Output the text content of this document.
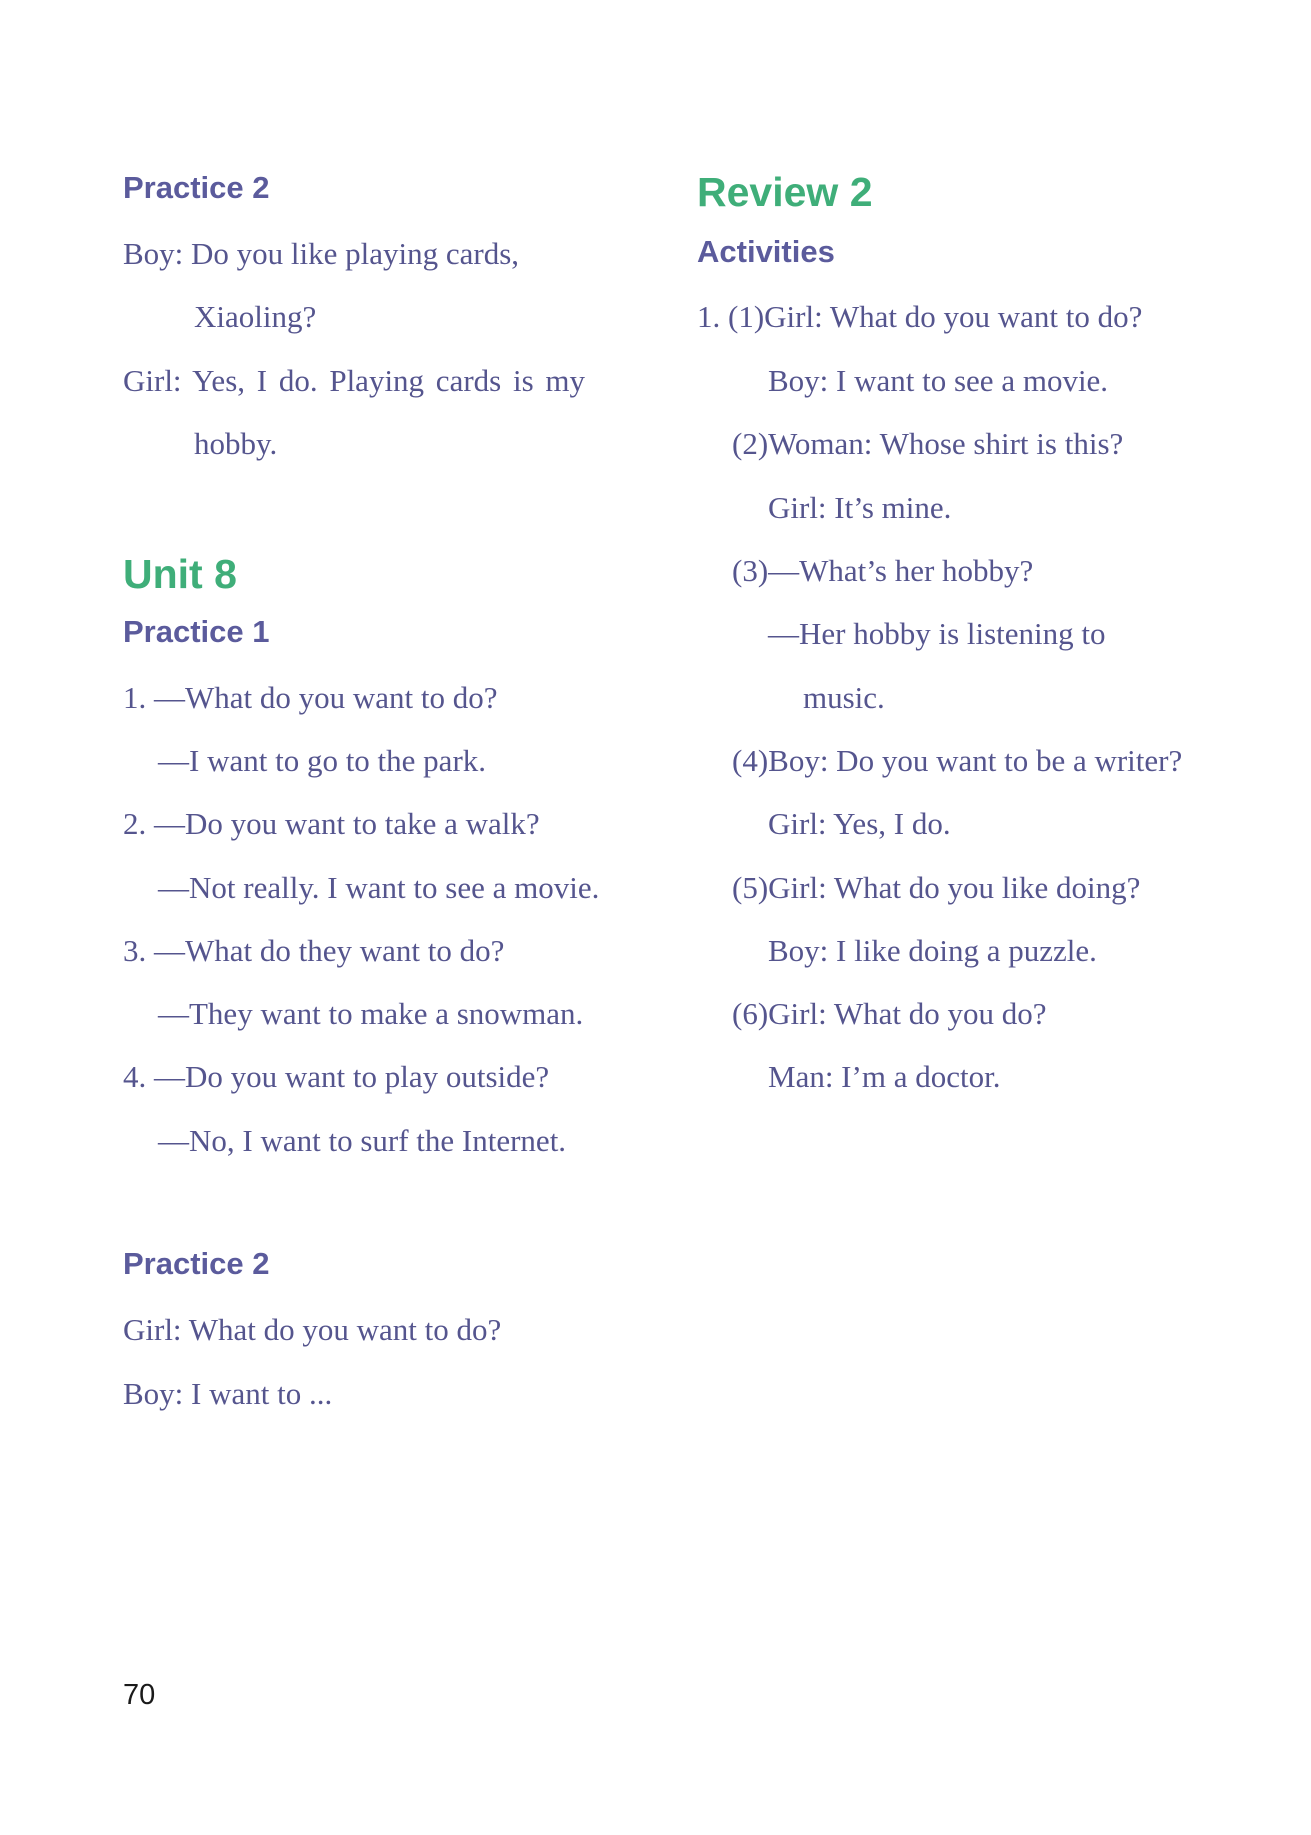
Practice 2

Boy: Do you like playing cards,

Xiaoling?

Girl: Yes, I do. Playing cards is my

hobby.

Unit 8
Practice 1

1. —What do you want to do?

—I want to go to the park.

2. —Do you want to take a walk?

—Not really. I want to see a movie.

3. —What do they want to do?

—They want to make a snowman.

4. —Do you want to play outside?

—No, I want to surf the Internet.

Practice 2

Girl: What do you want to do?

Boy: I want to ...

Review 2
Activities

1. (1)Girl: What do you want to do?

Boy: I want to see a movie.

(2)Woman: Whose shirt is this?

Girl: It’s mine.

(3)—What’s her hobby?

—Her hobby is listening to

music.

(4)Boy: Do you want to be a writer?

Girl: Yes, I do.

(5)Girl: What do you like doing?

Boy: I like doing a puzzle.

(6)Girl: What do you do?

Man: I’m a doctor.

70
